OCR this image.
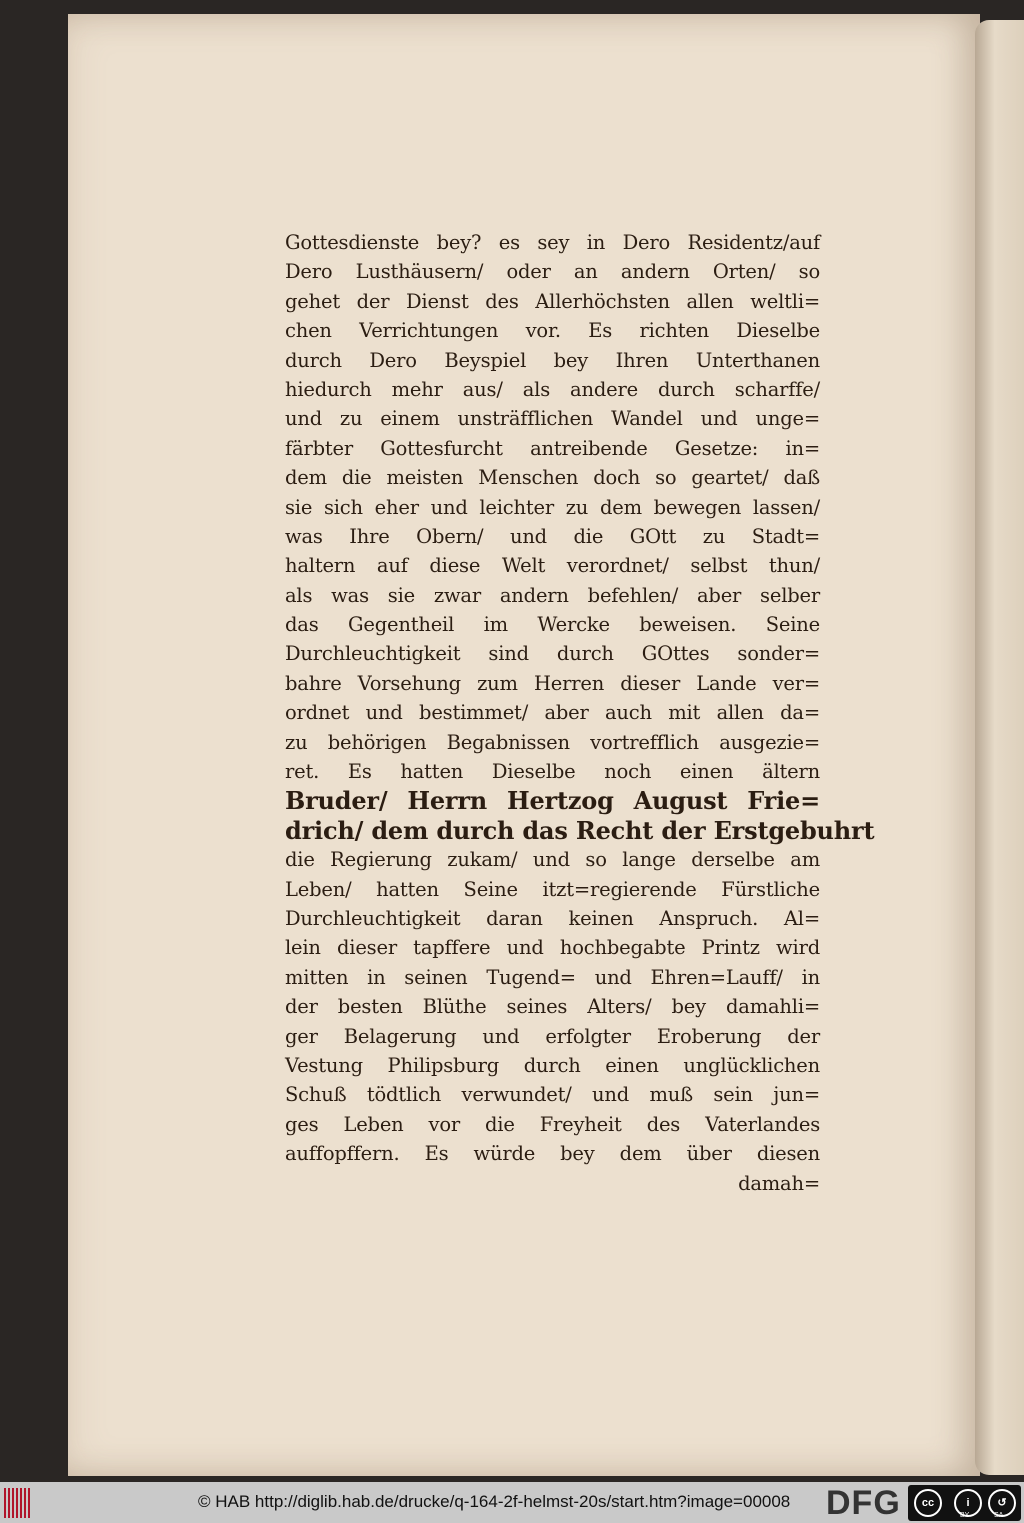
Gottesdienste bey? es sey in Dero Residentz/auf
Dero Lusthäusern/ oder an andern Orten/ so
gehet der Dienst des Allerhöchsten allen weltli=
chen Verrichtungen vor. Es richten Dieselbe
durch Dero Beyspiel bey Ihren Unterthanen
hiedurch mehr aus/ als andere durch scharffe/
und zu einem unsträfflichen Wandel und unge=
färbter Gottesfurcht antreibende Gesetze: in=
dem die meisten Menschen doch so geartet/ daß
sie sich eher und leichter zu dem bewegen lassen/
was Ihre Obern/ und die GOtt zu Stadt=
haltern auf diese Welt verordnet/ selbst thun/
als was sie zwar andern befehlen/ aber selber
das Gegentheil im Wercke beweisen. Seine
Durchleuchtigkeit sind durch GOttes sonder=
bahre Vorsehung zum Herren dieser Lande ver=
ordnet und bestimmet/ aber auch mit allen da=
zu behörigen Begabnissen vortrefflich ausgezie=
ret. Es hatten Dieselbe noch einen ältern
Bruder/ Herrn Hertzog August Frie=
drich/ dem durch das Recht der Erstgebuhrt
die Regierung zukam/ und so lange derselbe am
Leben/ hatten Seine itzt=regierende Fürstliche
Durchleuchtigkeit daran keinen Anspruch. Al=
lein dieser tapffere und hochbegabte Printz wird
mitten in seinen Tugend= und Ehren=Lauff/ in
der besten Blüthe seines Alters/ bey damahli=
ger Belagerung und erfolgter Eroberung der
Vestung Philipsburg durch einen unglücklichen
Schuß tödtlich verwundet/ und muß sein jun=
ges Leben vor die Freyheit des Vaterlandes
auffopffern. Es würde bey dem über diesen
damah=
© HAB http://diglib.hab.de/drucke/q-164-2f-helmst-20s/start.htm?image=00008 DFG	cc	i	↺
BY	SA
